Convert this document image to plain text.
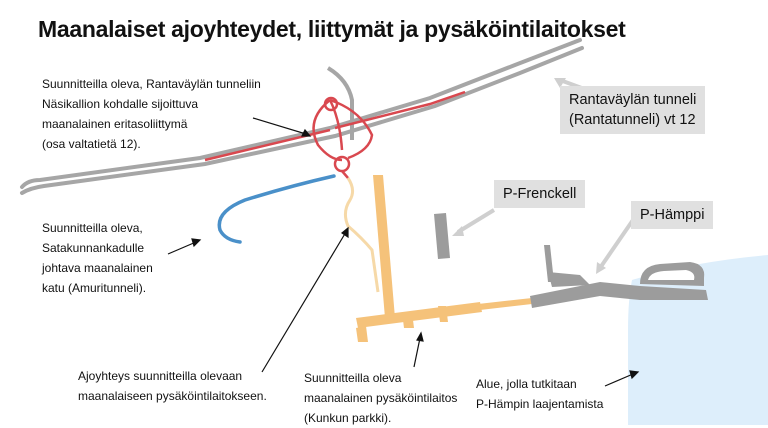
Maanalaiset ajoyhteydet, liittymät ja pysäköintilaitokset
Suunnitteilla oleva, Rantaväylän tunneliin
Näsikallion kohdalle sijoittuva
maanalainen eritasoliittymä
(osa valtatietä 12).
Suunnitteilla oleva,
Satakunnankadulle
johtava maanalainen
katu (Amuritunneli).
Ajoyhteys suunnitteilla olevaan
maanalaiseen pysäköintilaitokseen.
Suunnitteilla oleva
maanalainen pysäköintilaitos
(Kunkun parkki).
Alue, jolla tutkitaan
P-Hämpin laajentamista
Rantaväylän tunneli
(Rantatunneli) vt 12
P-Frenckell
P-Hämppi
